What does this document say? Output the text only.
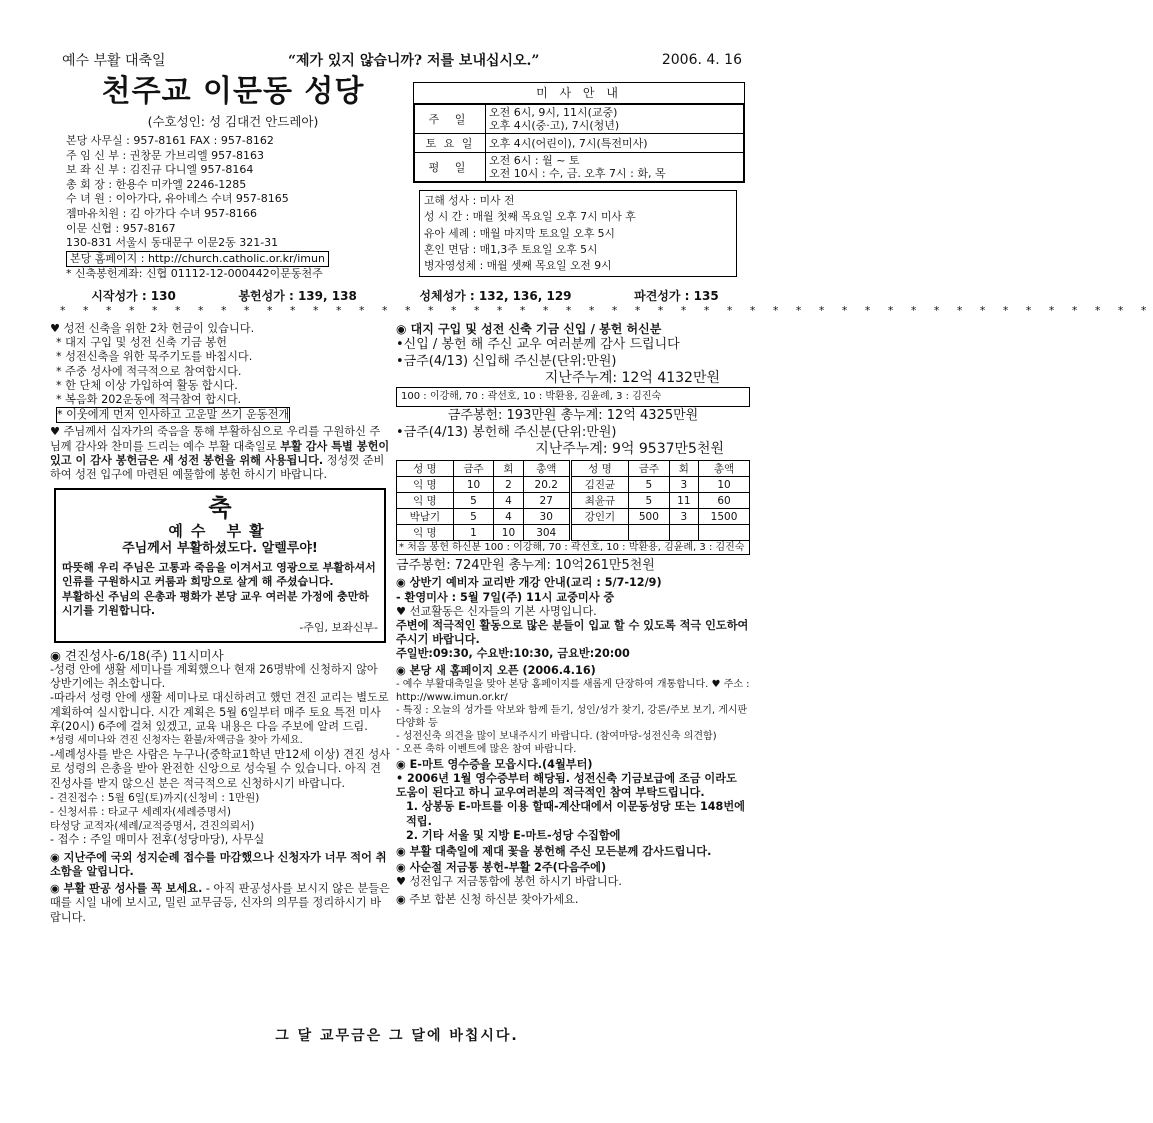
예수 부활 대축일	“제가 있지 않습니까? 저를 보내십시오.”	2006. 4. 16
천주교 이문동 성당
(수호성인: 성 김대건 안드레아)
본당 사무실 : 957-8161 FAX : 957-8162
주 임 신 부 : 권창문 가브리엘 957-8163
보 좌 신 부 : 김진규 다니엘 957-8164
총 회 장 : 한용수 미카엘 2246-1285
수 녀 원 : 이아가다, 유아녜스 수녀 957-8165
젬마유치원 : 김 아가다 수녀 957-8166
이문 신협 : 957-8167
130-831 서울시 동대문구 이문2동 321-31
본당 홈페이지 : http://church.catholic.or.kr/imun
* 신축봉헌계좌: 신협 01112-12-000442이문동천주
미 사 안 내
주 일	오전 6시, 9시, 11시(교중)
오후 4시(중·고), 7시(청년)
토 요 일	오후 4시(어린이), 7시(특전미사)
평 일	오전 6시 : 월 ~ 토
오전 10시 : 수, 금. 오후 7시 : 화, 목
고해 성사 : 미사 전
성 시 간 : 매월 첫째 목요일 오후 7시 미사 후
유아 세례 : 매월 마지막 토요일 오후 5시
혼인 면담 : 매1,3주 토요일 오후 5시
병자영성체 : 매월 셋째 목요일 오전 9시
시작성가 : 130	봉헌성가 : 139, 138	성체성가 : 132, 136, 129	파견성가 : 135
* * * * * * * * * * * * * * * * * * * * * * * * * * * * * * * * * * * * * * * * * * * * * * * *

♥ 성전 신축을 위한 2차 헌금이 있습니다.

* 대지 구입 및 성전 신축 기금 봉헌
* 성전신축을 위한 묵주기도를 바칩시다.
* 주중 성사에 적극적으로 참여합시다.
* 한 단체 이상 가입하여 활동 합시다.
* 복음화 202운동에 적극참여 합시다.
* 이웃에게 먼저 인사하고 고운말 쓰기 운동전개

♥ 주님께서 십자가의 죽음을 통해 부활하심으로 우리를 구원하신 주님께 감사와 찬미를 드리는 예수 부활 대축일로 부활 감사 특별 봉헌이 있고 이 감사 봉헌금은 새 성전 봉헌을 위해 사용됩니다. 정성껏 준비하여 성전 입구에 마련된 예물함에 봉헌 하시기 바랍니다.

축
예수 부활
주님께서 부활하셨도다. 알렐루야!
따뜻해 우리 주님은 고통과 죽음을 이겨서고 영광으로 부활하셔서 인류를 구원하시고 커룸과 희망으로 살게 해 주셨습니다.
부활하신 주님의 은총과 평화가 본당 교우 여러분 가정에 충만하시기를 기원합니다.
-주임, 보좌신부-

◉ 견진성사-6/18(주) 11시미사

-성령 안에 생활 세미나를 계획했으나 현재 26명밖에 신청하지 않아 상반기에는 취소합니다.

-따라서 성령 안에 생활 세미나로 대신하려고 했던 견진 교리는 별도로 계획하여 실시합니다. 시간 계획은 5월 6일부터 매주 토요 특전 미사 후(20시) 6주에 걸쳐 있겠고, 교육 내용은 다음 주보에 알려 드림.

*성령 세미나와 견진 신청자는 환불/차액금을 찾아 가세요.

-세례성사를 받은 사람은 누구나(중학교1학년 만12세 이상) 견진 성사로 성령의 은총을 받아 완전한 신앙으로 성숙될 수 있습니다. 아직 견진성사를 받지 않으신 분은 적극적으로 신청하시기 바랍니다.

- 견진접수 : 5월 6일(토)까지(신청비 : 1만원)

- 신청서류 : 타교구 세례자(세례증명서)

타성당 교적자(세례/교적증명서, 견진의뢰서)

- 접수 : 주일 매미사 전후(성당마당), 사무실

◉ 지난주에 국외 성지순례 접수를 마감했으나 신청자가 너무 적어 취소함을 알립니다.

◉ 부활 판공 성사를 꼭 보세요. - 아직 판공성사를 보시지 않은 분들은 때를 시일 내에 보시고, 밀린 교무금등, 신자의 의무를 정리하시기 바랍니다.

◉ 대지 구입 및 성전 신축 기금 신입 / 봉헌 허신분

•신입 / 봉헌 해 주신 교우 여러분께 감사 드립니다

•금주(4/13) 신입해 주신분(단위:만원)

지난주누계: 12억 4132만원

100 : 이강해, 70 : 곽선호, 10 : 박환용, 김윤례, 3 : 김진숙

금주봉헌: 193만원 총누계: 12억 4325만원

•금주(4/13) 봉헌해 주신분(단위:만원)

지난주누계: 9억 9537만5천원

성 명	금주	회	총액	성 명	금주	회	총액
익 명	10	2	20.2	김진균	5	3	10
익 명	5	4	27	최윤규	5	11	60
박남기	5	4	30	강인기	500	3	1500
익 명	1	10	304				
* 처음 봉헌 하신분 100 : 이강해, 70 : 곽선호, 10 : 박환용, 김윤례, 3 : 김진숙							

금주봉헌: 724만원 총누계: 10억261만5천원

◉ 상반기 예비자 교리반 개강 안내(교리 : 5/7-12/9)

- 환영미사 : 5월 7일(주) 11시 교중미사 중

♥ 선교활동은 신자들의 기본 사명입니다.

주변에 적극적인 활동으로 많은 분들이 입교 할 수 있도록 적극 인도하여 주시기 바랍니다.

주일반:09:30, 수요반:10:30, 금요반:20:00

◉ 본당 새 홈페이지 오픈 (2006.4.16)

- 예수 부활대축일을 맞아 본당 홈페이지를 새롭게 단장하여 개통합니다. ♥ 주소 : http://www.imun.or.kr/

- 특징 : 오늘의 성가를 악보와 함께 듣기, 성인/성가 찾기, 강론/주보 보기, 게시판 다양화 등

- 성전신축 의견을 많이 보내주시기 바랍니다. (참여마당-성전신축 의견함)

- 오픈 축하 이벤트에 많은 참여 바랍니다.

◉ E-마트 영수증을 모읍시다.(4월부터)

• 2006년 1월 영수증부터 해당됨. 성전신축 기금보급에 조금 이라도 도움이 된다고 하니 교우여러분의 적극적인 참여 부탁드립니다.

1. 상봉동 E-마트를 이용 할때-계산대에서 이문동성당 또는 148번에 적립.

2. 기타 서울 및 지방 E-마트-성당 수집함에

◉ 부활 대축일에 제대 꽃을 봉헌해 주신 모든분께 감사드립니다.

◉ 사순절 저금통 봉헌-부활 2주(다음주에)

♥ 성전입구 저금통함에 봉헌 하시기 바랍니다.

◉ 주보 합본 신청 하신분 찾아가세요.

그 달 교무금은 그 달에 바칩시다.
